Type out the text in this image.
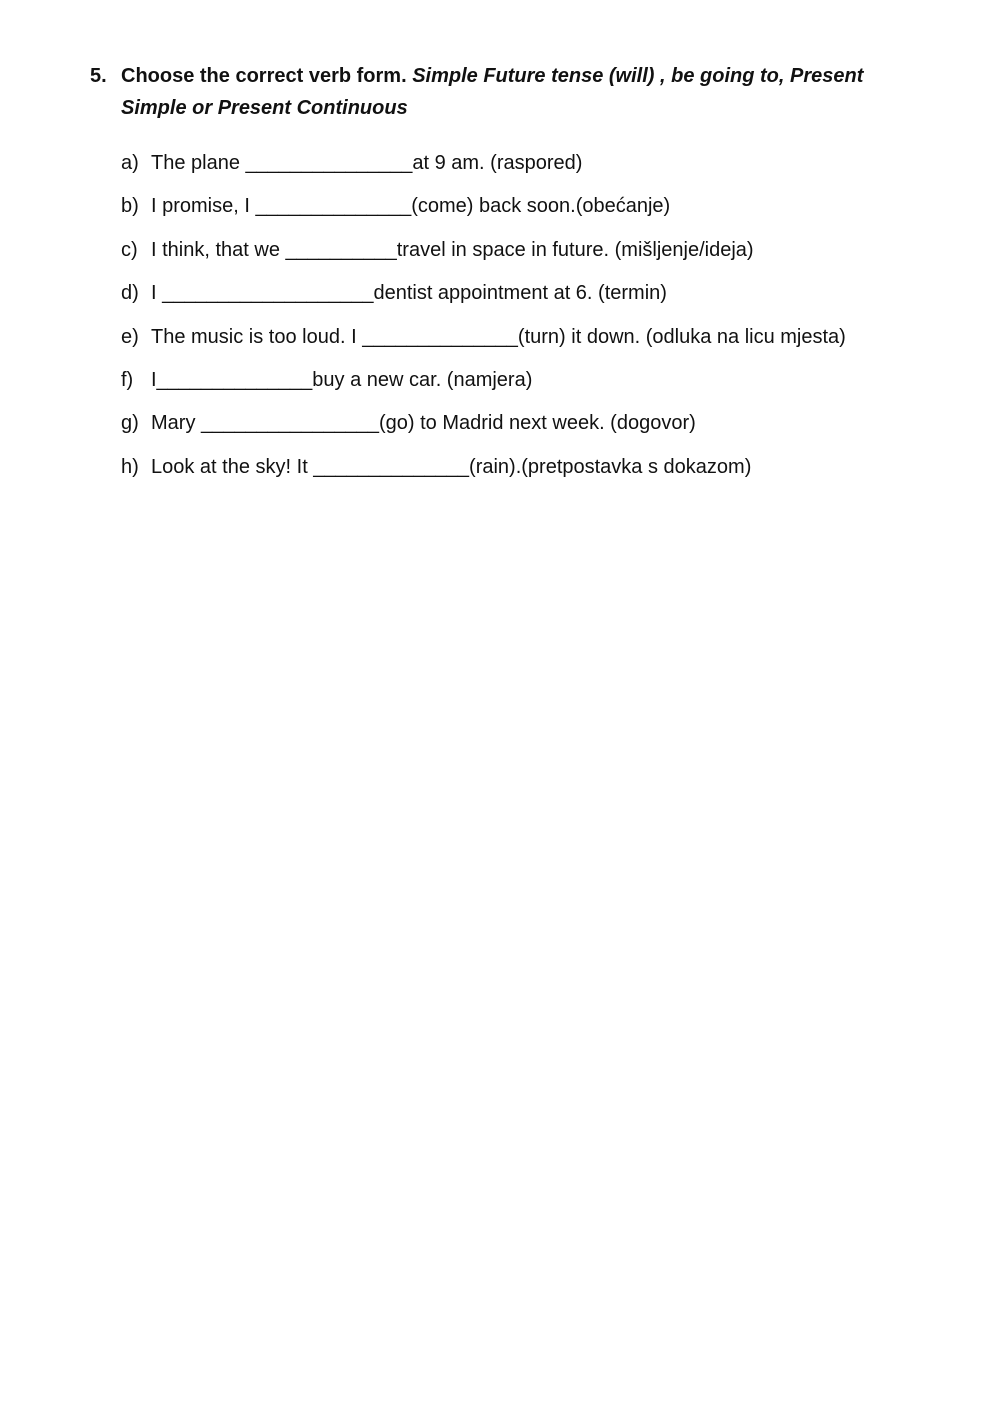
5. Choose the correct verb form. Simple Future tense (will) , be going to, Present Simple or Present Continuous
a) The plane _______________at 9 am. (raspored)
b) I promise, I ______________(come) back soon.(obećanje)
c) I think, that we __________travel in space in future. (mišljenje/ideja)
d) I ___________________dentist appointment at 6. (termin)
e) The music is too loud. I ______________(turn) it down. (odluka na licu mjesta)
f) I______________buy a new car. (namjera)
g) Mary ________________(go) to Madrid next week. (dogovor)
h) Look at the sky! It ______________(rain).(pretpostavka s dokazom)
